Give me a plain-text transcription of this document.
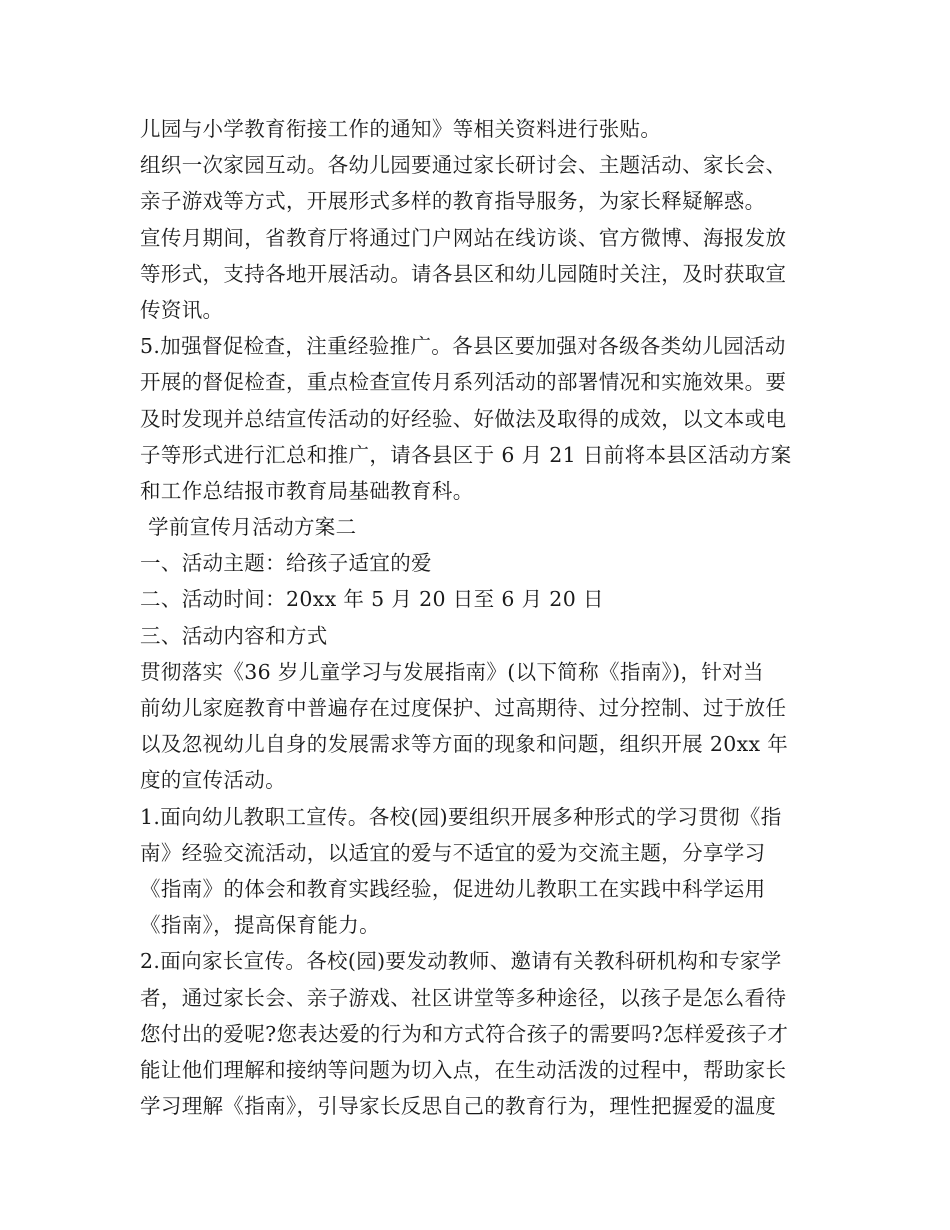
儿园与小学教育衔接工作的通知》等相关资料进行张贴。
组织一次家园互动。各幼儿园要通过家长研讨会、主题活动、家长会、
亲子游戏等方式，开展形式多样的教育指导服务，为家长释疑解惑。
宣传月期间，省教育厅将通过门户网站在线访谈、官方微博、海报发放
等形式，支持各地开展活动。请各县区和幼儿园随时关注，及时获取宣
传资讯。
5.加强督促检查，注重经验推广。各县区要加强对各级各类幼儿园活动
开展的督促检查，重点检查宣传月系列活动的部署情况和实施效果。要
及时发现并总结宣传活动的好经验、好做法及取得的成效，以文本或电
子等形式进行汇总和推广，请各县区于 6 月 21 日前将本县区活动方案
和工作总结报市教育局基础教育科。
学前宣传月活动方案二
一、活动主题：给孩子适宜的爱
二、活动时间：20xx 年 5 月 20 日至 6 月 20 日
三、活动内容和方式
贯彻落实《36 岁儿童学习与发展指南》(以下简称《指南》)，针对当
前幼儿家庭教育中普遍存在过度保护、过高期待、过分控制、过于放任
以及忽视幼儿自身的发展需求等方面的现象和问题，组织开展 20xx 年
度的宣传活动。
1.面向幼儿教职工宣传。各校(园)要组织开展多种形式的学习贯彻《指
南》经验交流活动，以适宜的爱与不适宜的爱为交流主题，分享学习
《指南》的体会和教育实践经验，促进幼儿教职工在实践中科学运用
《指南》，提高保育能力。
2.面向家长宣传。各校(园)要发动教师、邀请有关教科研机构和专家学
者，通过家长会、亲子游戏、社区讲堂等多种途径，以孩子是怎么看待
您付出的爱呢?您表达爱的行为和方式符合孩子的需要吗?怎样爱孩子才
能让他们理解和接纳等问题为切入点，在生动活泼的过程中，帮助家长
学习理解《指南》，引导家长反思自己的教育行为，理性把握爱的温度
